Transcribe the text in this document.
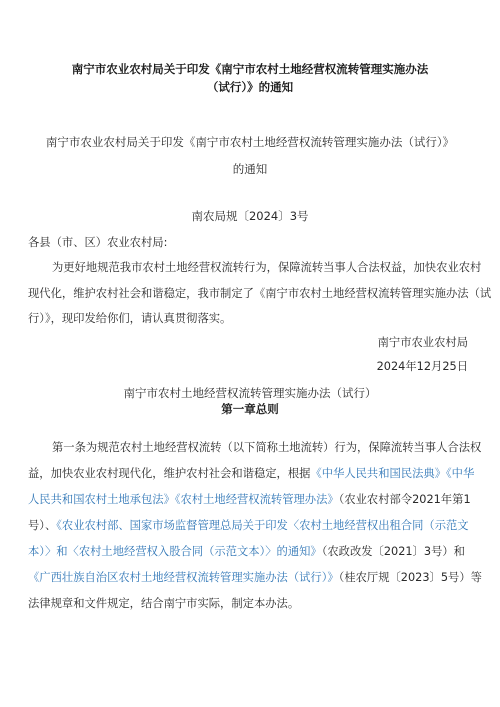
南宁市农业农村局关于印发《南宁市农村土地经营权流转管理实施办法
（试行）》的通知
南宁市农业农村局关于印发《南宁市农村土地经营权流转管理实施办法（试行）》
的通知
南农局规〔2024〕3号
各县（市、区）农业农村局:
为更好地规范我市农村土地经营权流转行为，保障流转当事人合法权益，加快农业农村
现代化，维护农村社会和谐稳定，我市制定了《南宁市农村土地经营权流转管理实施办法（试
行）》，现印发给你们，请认真贯彻落实。
南宁市农业农村局
2024年12月25日
南宁市农村土地经营权流转管理实施办法（试行）
第一章总则
第一条为规范农村土地经营权流转（以下简称土地流转）行为，保障流转当事人合法权
益，加快农业农村现代化，维护农村社会和谐稳定，根据《中华人民共和国民法典》《中华
人民共和国农村土地承包法》《农村土地经营权流转管理办法》（农业农村部令2021年第1
号）、《农业农村部、国家市场监督管理总局关于印发〈农村土地经营权出租合同（示范文
本）〉和〈农村土地经营权入股合同（示范文本）〉的通知》（农政改发〔2021〕3号）和
《广西壮族自治区农村土地经营权流转管理实施办法（试行）》（桂农厅规〔2023〕5号）等
法律规章和文件规定，结合南宁市实际，制定本办法。
